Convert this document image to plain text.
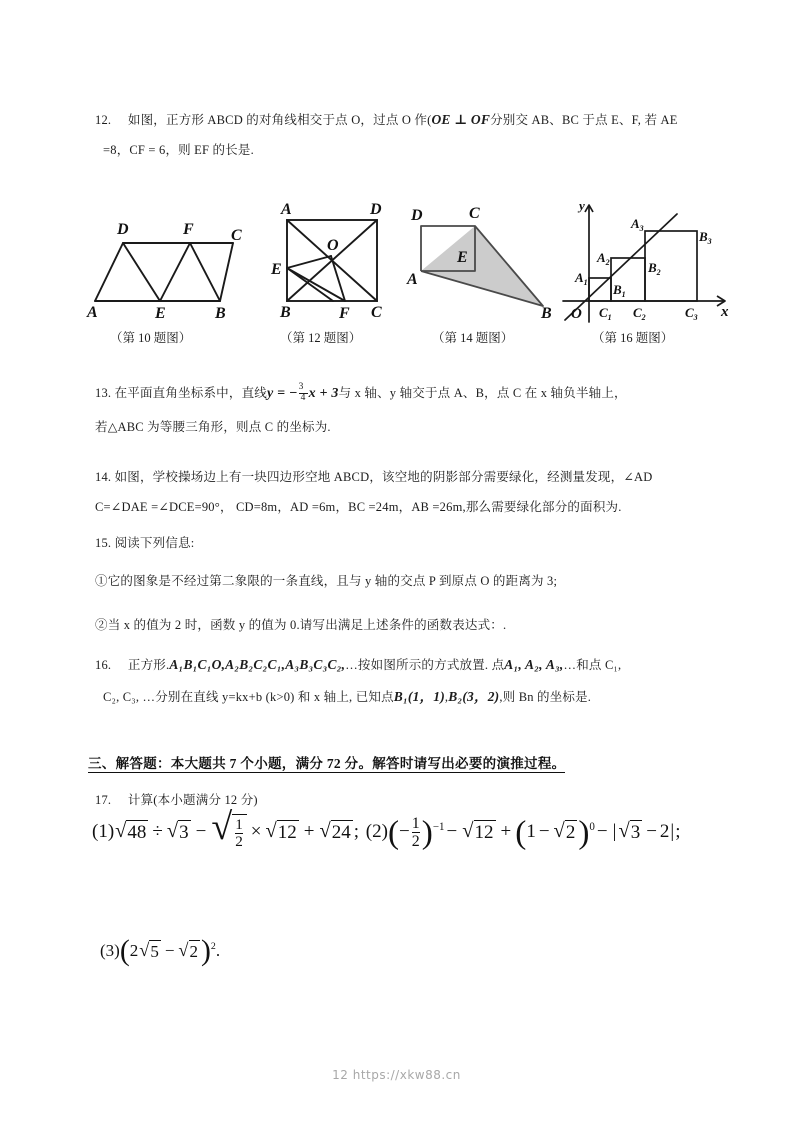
12. 如图，正方形 ABCD 的对角线相交于点 O，过点 O 作(OE ⊥ OF分别交 AB、BC 于点 E、F, 若 AE
=8，CF = 6，则 EF 的长是.
D	F C
A	E	B
A	D
O
E
B	F C
D	C
E
A
B
y
x
O
$A_1$
$A_2$
$A_3$
$B_1$
$B_2$
$B_3$
$C_1$ $C_2$	$C_3$
（第 10 题图）	（第 12 题图）	（第 14 题图）	（第 16 题图）
13. 在平面直角坐标系中，直线y = − $\frac{3}{4}$ x + 3与 x 轴、y 轴交于点 A、B，点 C 在 x 轴负半轴上，
若△ABC 为等腰三角形，则点 C 的坐标为.
14. 如图，学校操场边上有一块四边形空地 ABCD，该空地的阴影部分需要绿化，经测量发现，∠AD
C=∠DAE =∠DCE=90°， CD=8m，AD =6m，BC =24m，AB =26m,那么需要绿化部分的面积为.
15. 阅读下列信息:
①它的图象是不经过第二象限的一条直线，且与 y 轴的交点 P 到原点 O 的距离为 3;
②当 x 的值为 2 时，函数 y 的值为 0.请写出满足上述条件的函数表达式：.
16. 正方形.A₁B₁C₁O,A₂B₂C₂C₁,A₃B₃C₃C₂,…按如图所示的方式放置. 点A₁, A₂, A₃,…和点 C₁,
C₂, C₃, …分别在直线 y=kx+b (k>0) 和 x 轴上, 已知点B₁(1，1),B₂(3，2),则 Bn 的坐标是.
三、解答题：本大题共 7 个小题，满分 72 分。解答时请写出必要的演推过程。
17. 计算(本小题满分 12 分)
(1) √ 48 ÷ √ 3 − √ $\frac{1}{2}$ × √ 12 + √ 24 ;
(2) ( − $\frac{1}{2}$ ) −1 − √ 12 + ( 1 − √ 2 ) 0 − | √ 3 − 2 | ;
(3) ( 2 √ 5 − √ 2 ) 2 .
12 https://xkw88.cn
